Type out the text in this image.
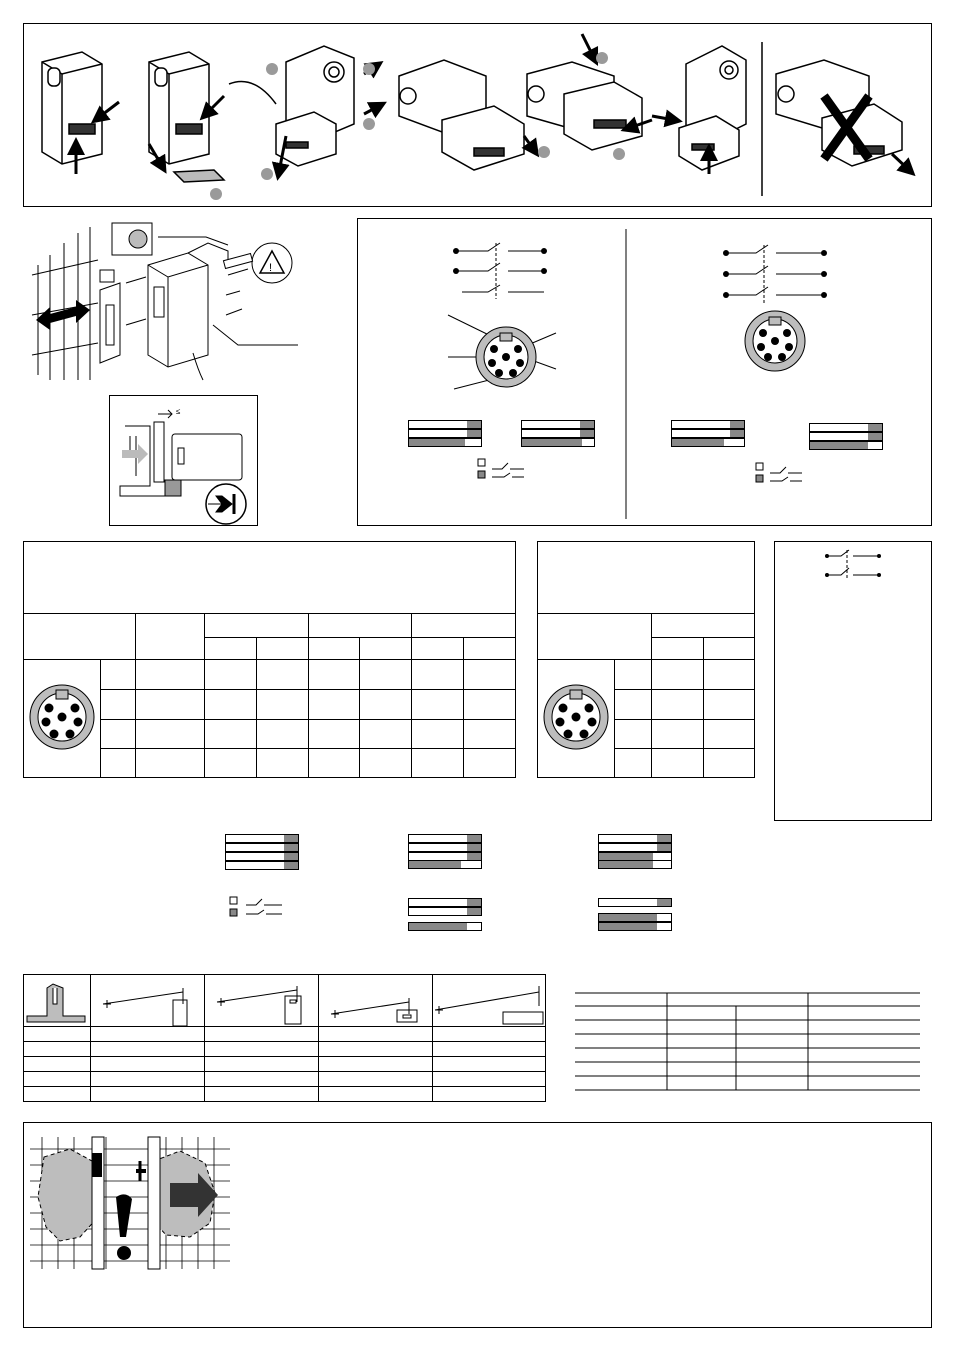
!
≤
